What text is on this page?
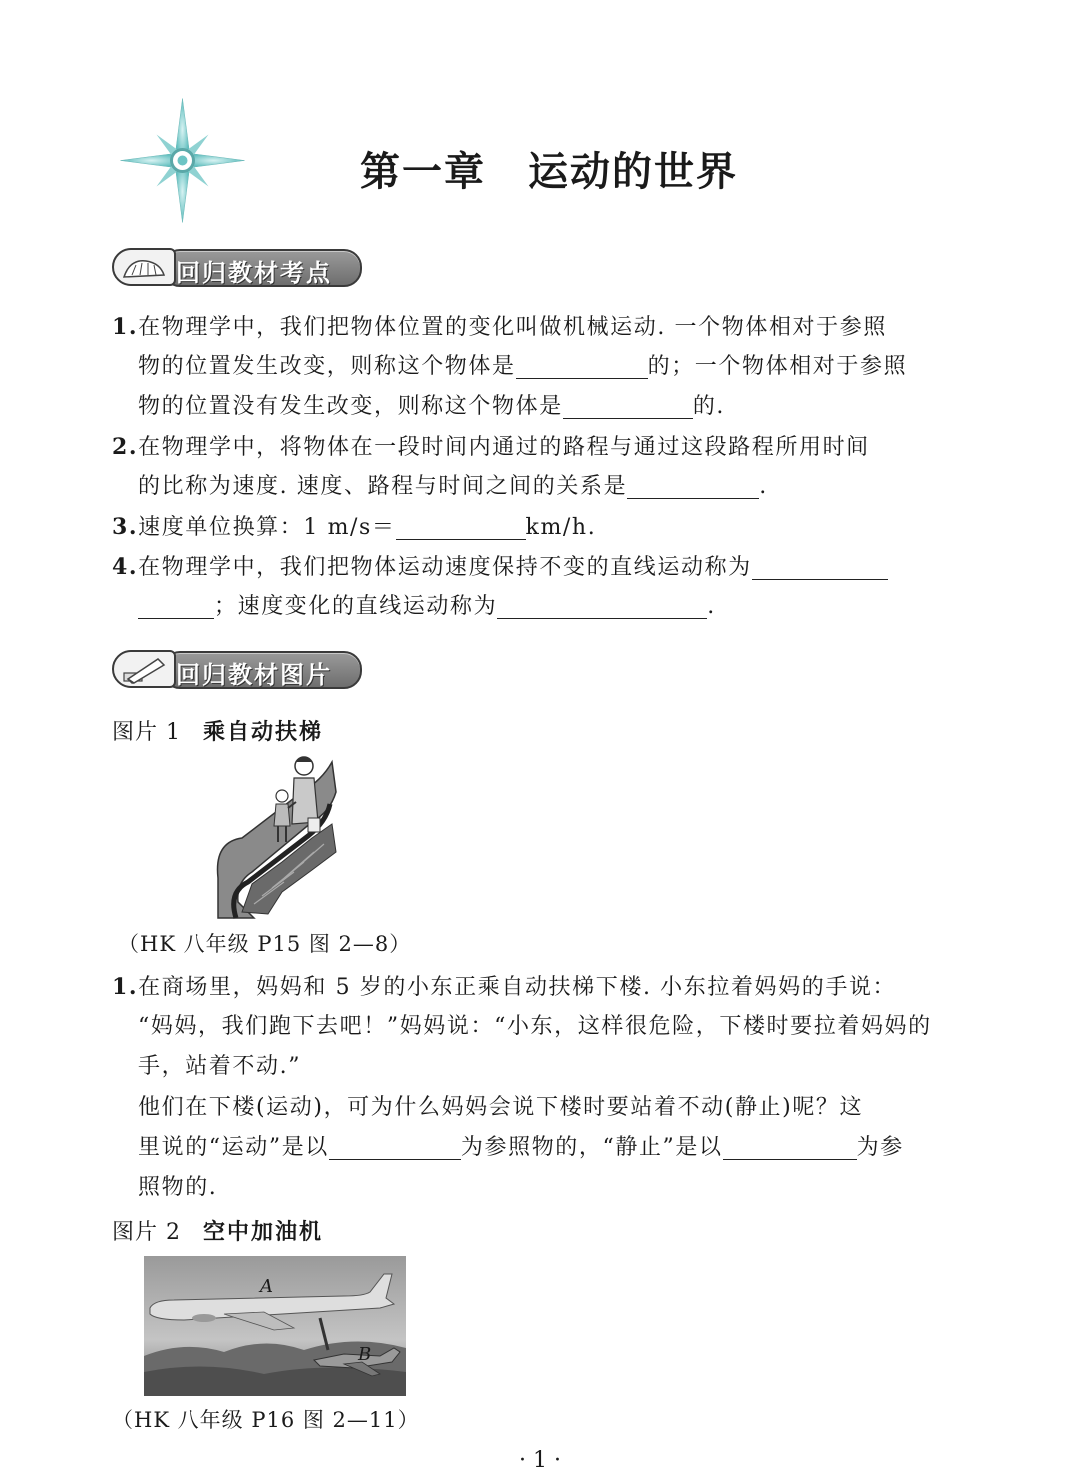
第一章 运动的世界
回归教材考点
1.在物理学中，我们把物体位置的变化叫做机械运动. 一个物体相对于参照
物的位置发生改变，则称这个物体是	的；一个物体相对于参照
物的位置没有发生改变，则称这个物体是	的.
2.在物理学中，将物体在一段时间内通过的路程与通过这段路程所用时间
的比称为速度. 速度、路程与时间之间的关系是	.
3.速度单位换算：1 m/s＝	km/h.
4.在物理学中，我们把物体运动速度保持不变的直线运动称为
；速度变化的直线运动称为	.
回归教材图片
图片 1 乘自动扶梯
（HK 八年级 P15 图 2—8）
1.在商场里，妈妈和 5 岁的小东正乘自动扶梯下楼. 小东拉着妈妈的手说：
“妈妈，我们跑下去吧！”妈妈说：“小东，这样很危险，下楼时要拉着妈妈的
手，站着不动.”
他们在下楼(运动)，可为什么妈妈会说下楼时要站着不动(静止)呢？这
里说的“运动”是以	为参照物的，“静止”是以	为参
照物的.
图片 2 空中加油机
A
B
（HK 八年级 P16 图 2—11）
· 1 ·
